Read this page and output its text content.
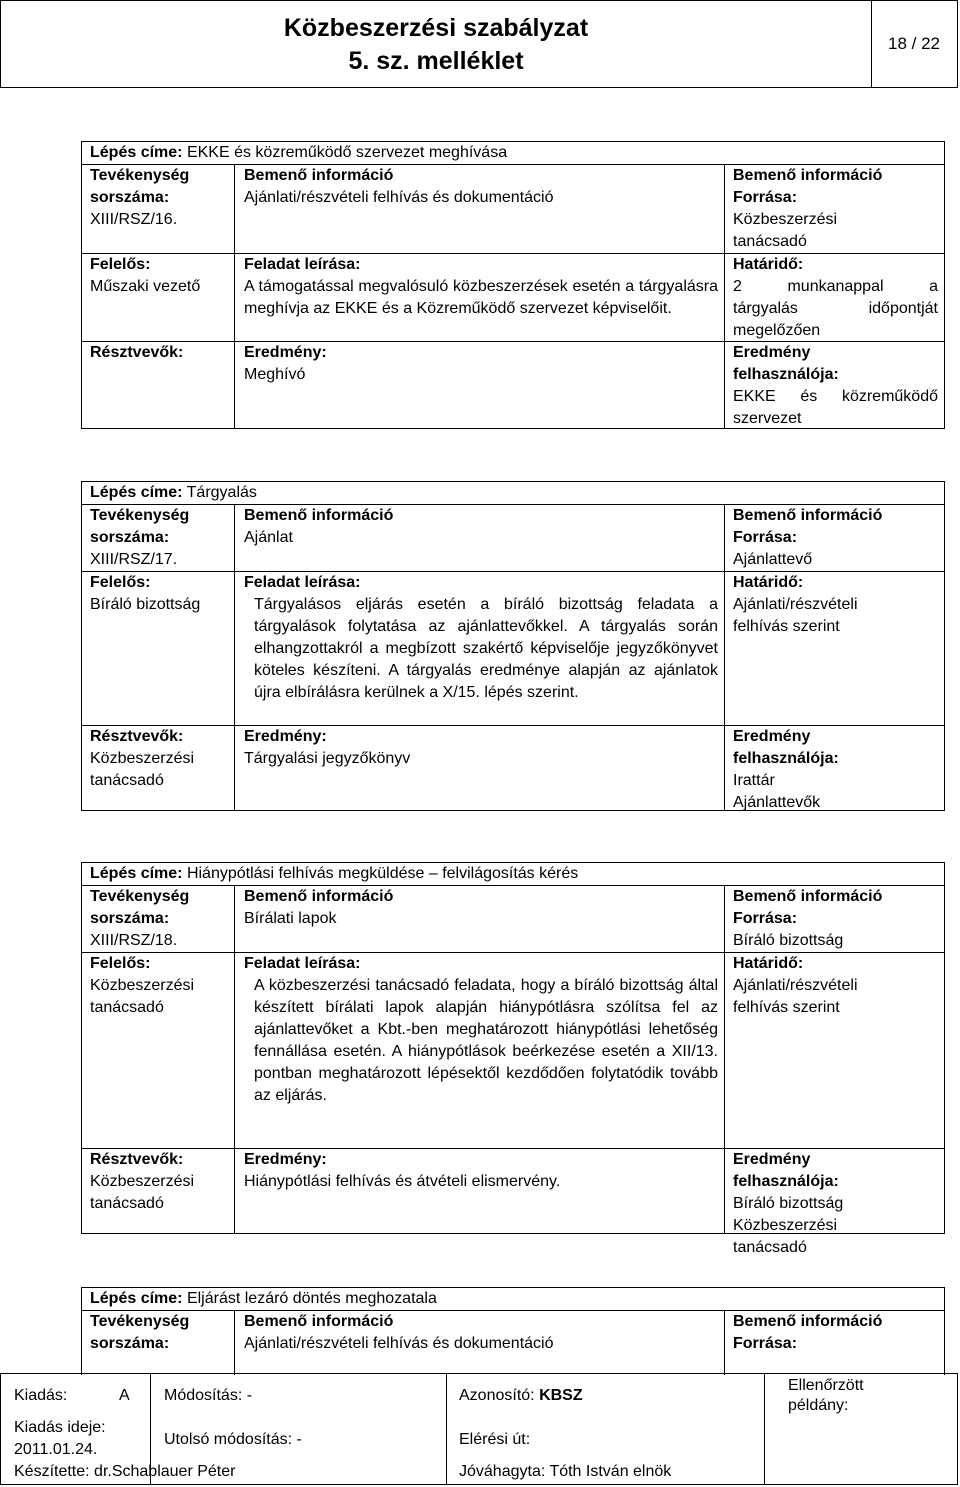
Közbeszerzési szabályzat
5. sz. melléklet
18 / 22
Lépés címe: EKKE és közreműködő szervezet meghívása
Tevékenység
sorszáma:
XIII/RSZ/16.
Felelős:
Műszaki vezető
Résztvevők:
Bemenő információ
Ajánlati/részvételi felhívás és dokumentáció
Feladat leírása:
A támogatással megvalósuló közbeszerzések esetén a tárgyalásra meghívja az EKKE és a Közreműködő szervezet képviselőit.
Eredmény:
Meghívó
Bemenő információ
Forrása:
Közbeszerzési
tanácsadó
Határidő:
2 munkanappal a
tárgyalás időpontját
megelőzően
Eredmény
felhasználója:
EKKE és közreműködő
szervezet
Lépés címe: Tárgyalás
Tevékenység
sorszáma:
XIII/RSZ/17.
Felelős:
Bíráló bizottság
Résztvevők:
Közbeszerzési
tanácsadó
Bemenő információ
Ajánlat
Feladat leírása:
Tárgyalásos eljárás esetén a bíráló bizottság feladata a tárgyalások folytatása az ajánlattevőkkel. A tárgyalás során elhangzottakról a megbízott szakértő képviselője jegyzőkönyvet köteles készíteni. A tárgyalás eredménye alapján az ajánlatok újra elbírálásra kerülnek a X/15. lépés szerint.
Eredmény:
Tárgyalási jegyzőkönyv
Bemenő információ
Forrása:
Ajánlattevő
Határidő:
Ajánlati/részvételi
felhívás szerint
Eredmény
felhasználója:
Irattár
Ajánlattevők
Lépés címe: Hiánypótlási felhívás megküldése – felvilágosítás kérés
Tevékenység
sorszáma:
XIII/RSZ/18.
Felelős:
Közbeszerzési
tanácsadó
Résztvevők:
Közbeszerzési
tanácsadó
Bemenő információ
Bírálati lapok
Feladat leírása:
A közbeszerzési tanácsadó feladata, hogy a bíráló bizottság által készített bírálati lapok alapján hiánypótlásra szólítsa fel az ajánlattevőket a Kbt.-ben meghatározott hiánypótlási lehetőség fennállása esetén. A hiánypótlások beérkezése esetén a XII/13. pontban meghatározott lépésektől kezdődően folytatódik tovább az eljárás.
Eredmény:
Hiánypótlási felhívás és átvételi elismervény.
Bemenő információ
Forrása:
Bíráló bizottság
Határidő:
Ajánlati/részvételi
felhívás szerint
Eredmény
felhasználója:
Bíráló bizottság
Közbeszerzési
tanácsadó
Lépés címe: Eljárást lezáró döntés meghozatala
Tevékenység
sorszáma:
Bemenő információ
Ajánlati/részvételi felhívás és dokumentáció
Bemenő információ
Forrása:
Kiadás:	A
Kiadás ideje:
2011.01.24.
Készítette: dr.Schablauer Péter
Módosítás: -
Utolsó módosítás: -
Azonosító: KBSZ
Elérési út:
Jóváhagyta: Tóth István elnök
Ellenőrzött
példány:
